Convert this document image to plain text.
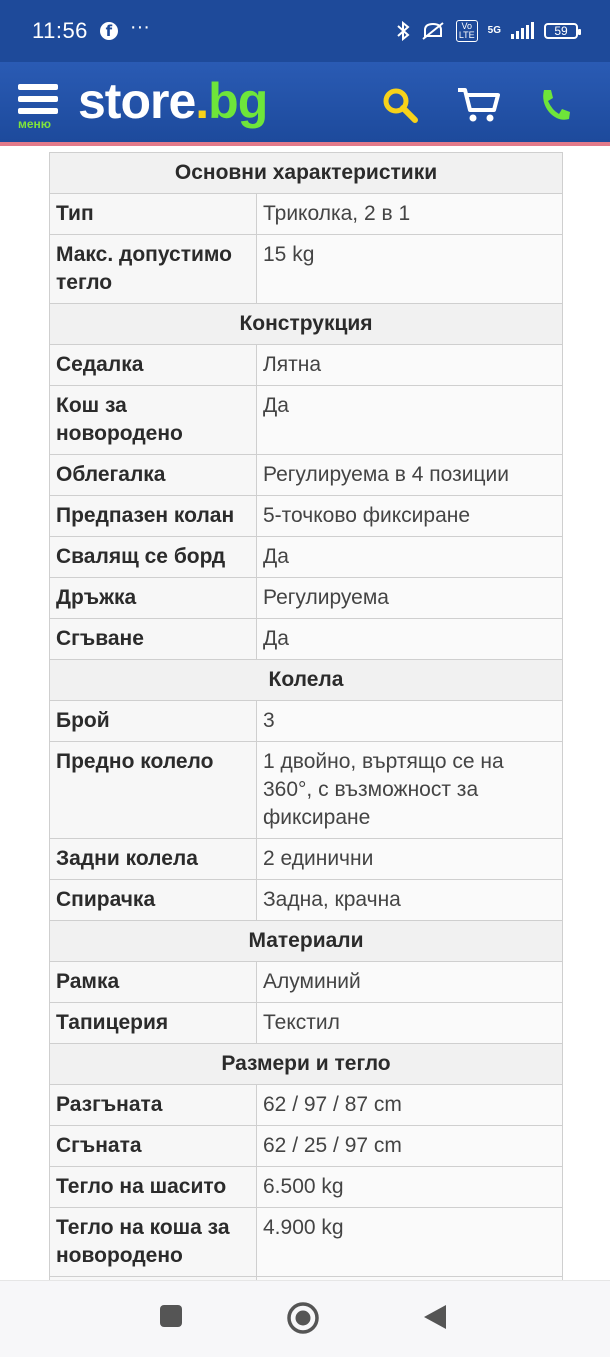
11:56	f ···	Vo
LTE	5G	59
меню store.bg
Основни характеристики	
Тип	Триколка, 2 в 1
Макс. допустимо тегло	15 kg
Конструкция	
Седалка	Лятна
Кош за новородено	Да
Облегалка	Регулируема в 4 позиции
Предпазен колан	5-точково фиксиране
Свалящ се борд	Да
Дръжка	Регулируема
Сгъване	Да
Колела	
Брой	3
Предно колело	1 двойно, въртящо се на 360°, с възможност за фиксиране
Задни колела	2 единични
Спирачка	Задна, крачна
Материали	
Рамка	Алуминий
Тапицерия	Текстил
Размери и тегло	
Разгъната	62 / 97 / 87 cm
Сгъната	62 / 25 / 97 cm
Тегло на шасито	6.500 kg
Тегло на коша за новородено	4.900 kg
